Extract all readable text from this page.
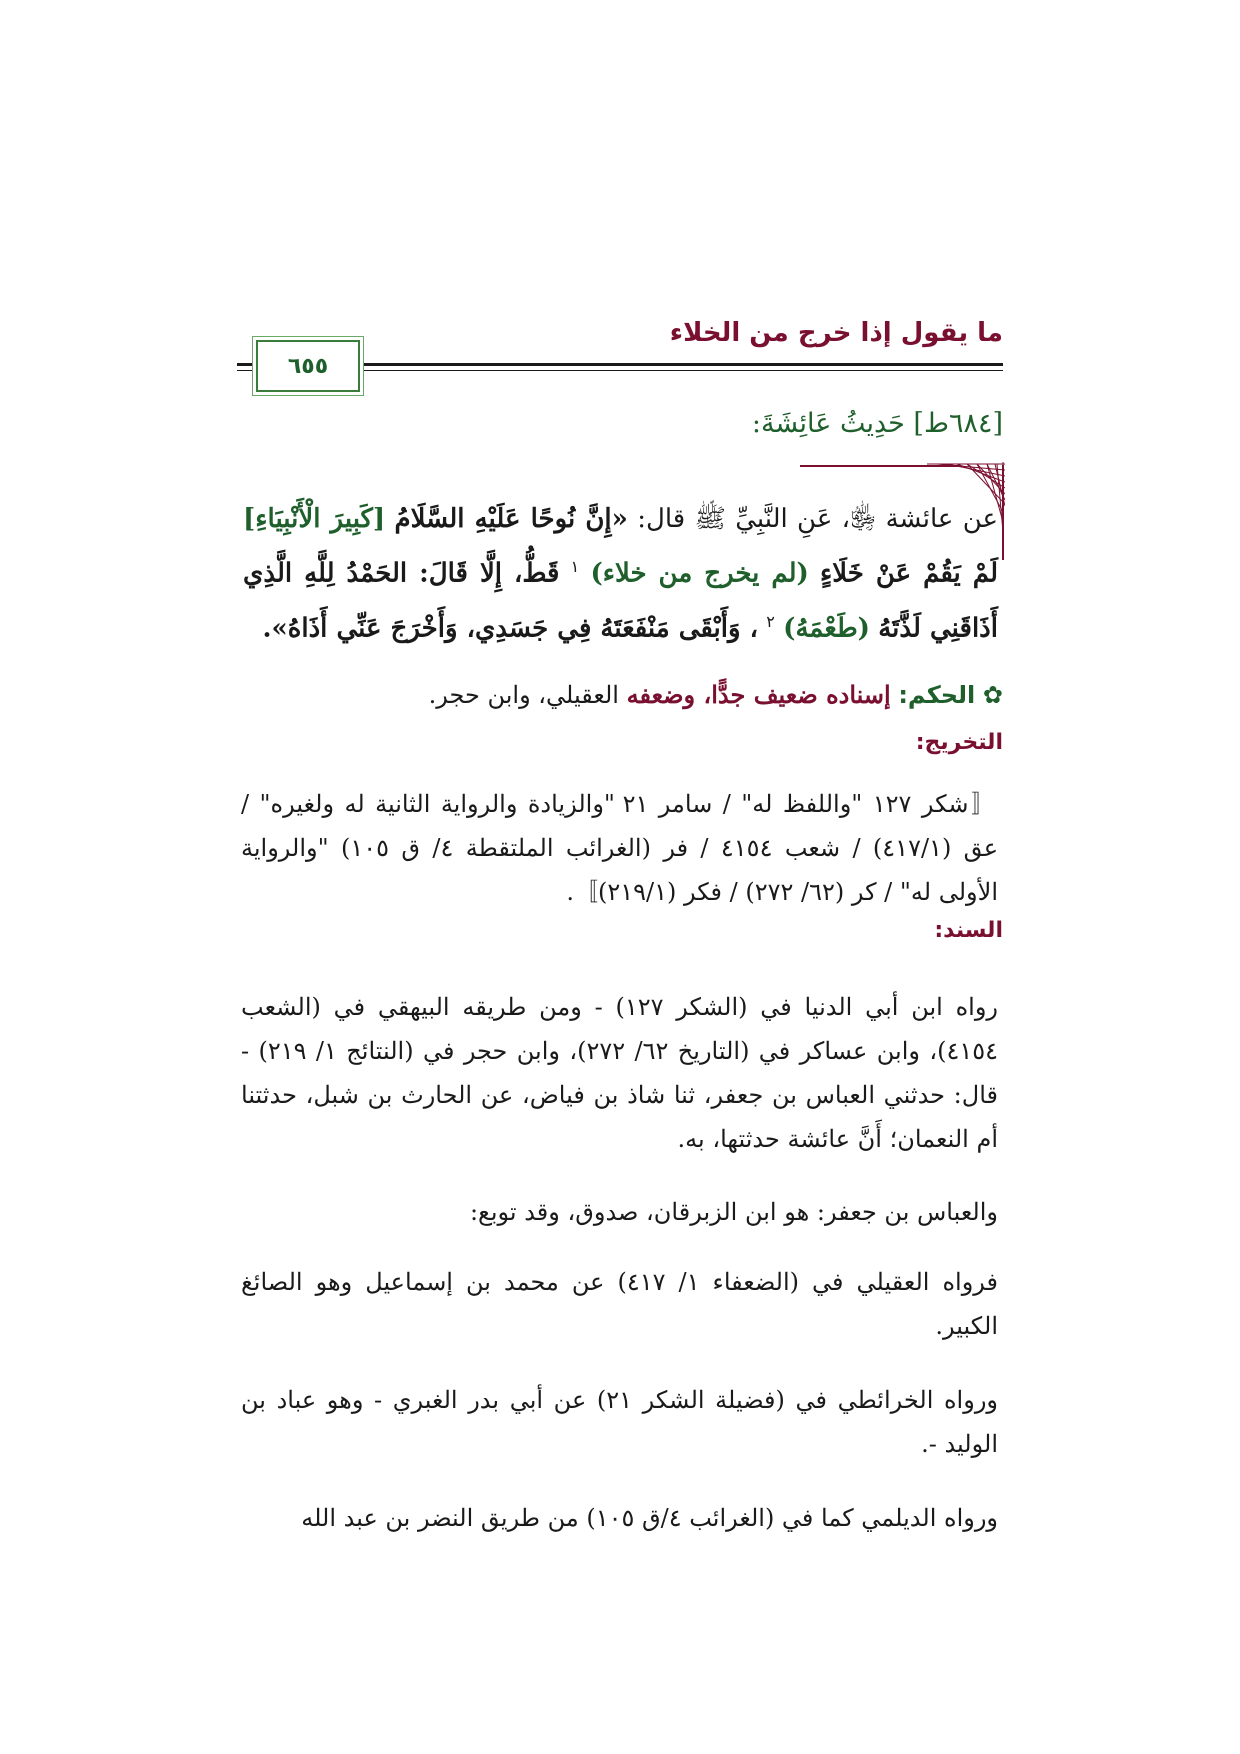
ما يقول إذا خرج من الخلاء
٦٥٥
[٦٨٤ط] حَدِيثُ عَائِشَةَ:
عن عائشة ﵂، عَنِ النَّبِيِّ ﷺ قال: «إِنَّ نُوحًا عَلَيْهِ السَّلَامُ [كَبِيرَ الْأَنْبِيَاءِ] لَمْ يَقُمْ عَنْ خَلَاءٍ (لم يخرج من خلاء) $^١$ قَطُّ، إِلَّا قَالَ: الحَمْدُ لِلَّهِ الَّذِي أَذَاقَنِي لَذَّتَهُ (طَعْمَهُ) $^٢$ ، وَأَبْقَى مَنْفَعَتَهُ فِي جَسَدِي، وَأَخْرَجَ عَنِّي أَذَاهُ».
✿ الحكم: إسناده ضعيف جدًّا، وضعفه العقيلي، وابن حجر.
التخريج:
〚شكر ١٢٧ "واللفظ له" / سامر ٢١ "والزيادة والرواية الثانية له ولغيره" / عق (٤١٧/١) / شعب ٤١٥٤ / فر (الغرائب الملتقطة ٤/ ق ١٠٥) "والرواية الأولى له" / كر (٦٢/ ٢٧٢) / فكر (٢١٩/١)〛.
السند:
رواه ابن أبي الدنيا في (الشكر ١٢٧) - ومن طريقه البيهقي في (الشعب ٤١٥٤)، وابن عساكر في (التاريخ ٦٢/ ٢٧٢)، وابن حجر في (النتائج ١/ ٢١٩) - قال: حدثني العباس بن جعفر، ثنا شاذ بن فياض، عن الحارث بن شبل، حدثتنا أم النعمان؛ أَنَّ عائشة حدثتها، به.
والعباس بن جعفر: هو ابن الزبرقان، صدوق، وقد توبع:
فرواه العقيلي في (الضعفاء ١/ ٤١٧) عن محمد بن إسماعيل وهو الصائغ الكبير.
ورواه الخرائطي في (فضيلة الشكر ٢١) عن أبي بدر الغبري - وهو عباد بن الوليد -.
ورواه الديلمي كما في (الغرائب ٤/ق ١٠٥) من طريق النضر بن عبد الله
